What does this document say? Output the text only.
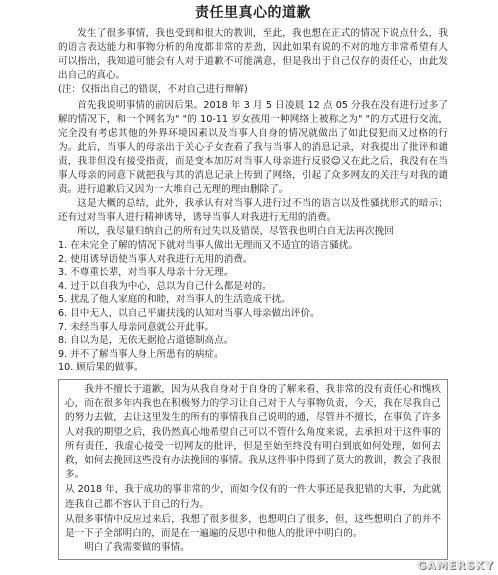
责任里真心的道歉

发生了很多事情，我也受到和很大的教训，至此，我也想在正式的情况下说点什么，我的语言表达能力和事物分析的角度都非常的差劲，因此如果有说的不对的地方非常希望有人可以指出，我知道可能会有人对于道歉不可能满意，但是我出于自己仅存的责任心，由此发出自己的真心。

(注：仅指出自己的错误，不对自己进行辩解)

首先我说明事情的前因后果。2018 年 3 月 5 日凌晨 12 点 05 分我在没有进行过多了解的情况下，和一个网名为" "的 10-11 岁女孩用一种网络上被称之为" "的方式进行交流，完全没有考虑其他的外界环境因素以及当事人自身的情况就做出了如此侵犯而又过格的行为。此后，当事人的母亲出于关心子女查看了我与当事人的消息记录，对我提出了批评和谴责，我非但没有接受指责，而是变本加厉对当事人母亲进行反驳☺又在此之后，我没有在当事人母亲的同意下就把我与其的消息记录上传到了网络，引起了众多网友的关注与对我的谴责。进行道歉后又因为一大堆自己无理的理由删除了。

这是大概的总结，此外，我承认有对当事人进行过不当的语言以及性骚扰形式的暗示；还有过对当事人进行精神诱导，诱导当事人对我进行无用的消费。

所以，我尽量归纳自己的所有过失以及错误，尽管我也明白自无法再次挽回

1. 在未完全了解的情况下就对当事人做出无理而又不适宜的语言骚扰。
2. 使用诱导语使当事人对我进行无用的消费。
3. 不尊重长辈，对当事人母亲十分无理。
4. 过于以自我为中心，总以为自己什么都是对的。
5. 扰乱了他人家庭的和睦，对当事人的生活造成干扰。
6. 目中无人，以自己平庸扶浅的认知对当事人母亲做出评价。
7. 未经当事人母亲同意就公开此事。
8. 自以为是，无依无据抢占道德制高点。
9. 并不了解当事人身上所患有的病症。
10. 顾后果的做事。

我并不擅长于道歉，因为从我自身对于自身的了解来看，我非常的没有责任心和愧疚心，而在很多年内我也在积极努力的学习让自己对于人与事物负责，今天，我在尽我自己的努力去做，去让这里发生的所有的事情我自己说明的通，尽管并不擅长，在事负了许多人对我的期望之后，我仍然真心地希望自己可以不管什么角度来说，去承担对于这件事的所有责任，我虚心接受一切网友的批评，但是至始至终没有明白到底如何处理，如何去救，如何去挽回这些没有办法挽回的事情。我从这件事中得到了莫大的教训，教会了我很多。

从 2018 年，我于成功的事非常的少，而如今仅有的一件大事还是我犯错的大事，为此就连我自己都不容认于自己的行为。

从很多事情中反应过来后，我想了很多很多，也想明白了很多，但，这些想明白了的并不是一下子全部明白的，而是在一遍遍的反思中和他人的批评中明白的。

明白了我需要做的事情。

GAMERSKY
